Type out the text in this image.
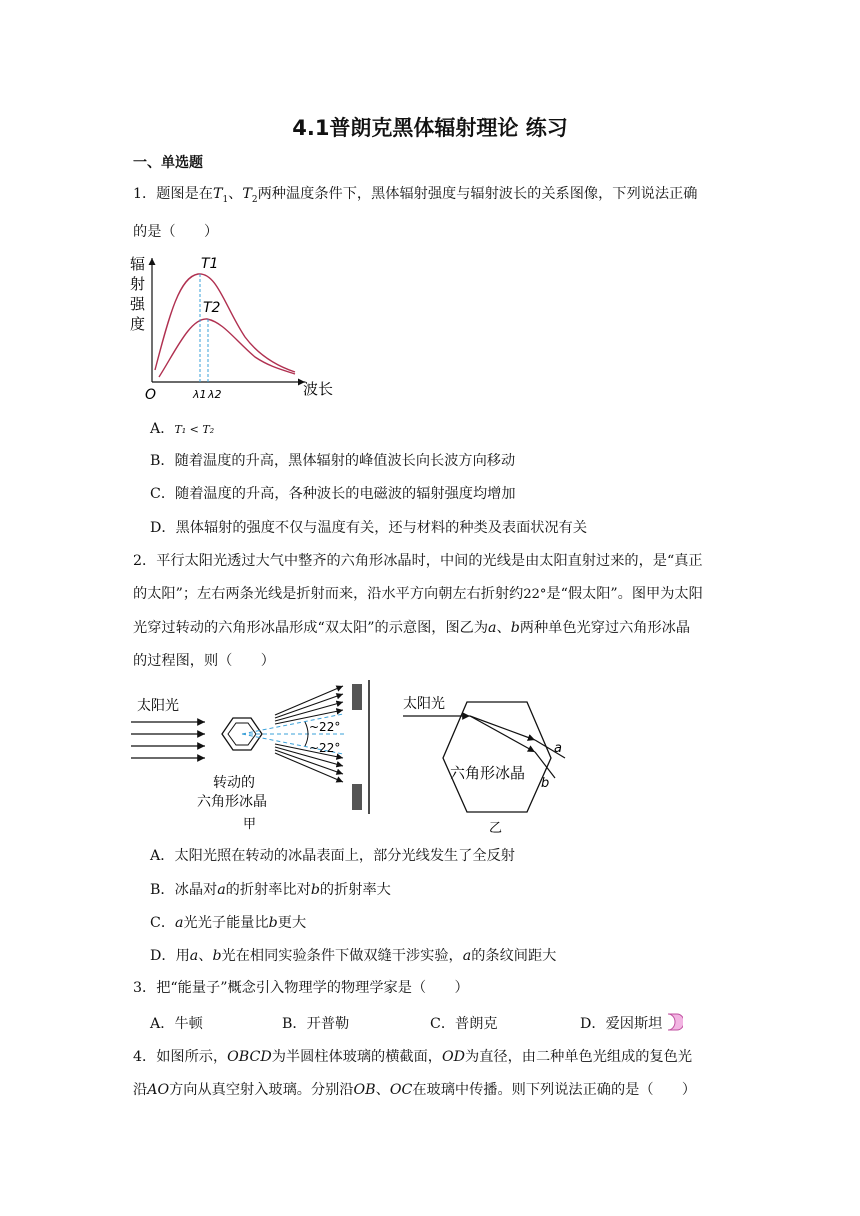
4.1普朗克黑体辐射理论 练习
一、单选题
1．题图是在$T_1$、$T_2$两种温度条件下，黑体辐射强度与辐射波长的关系图像，下列说法正确
的是（　　）
辐
射
强
度
波长
O
T1
T2
λ1 λ2
A．T₁ < T₂
B．随着温度的升高，黑体辐射的峰值波长向长波方向移动
C．随着温度的升高，各种波长的电磁波的辐射强度均增加
D．黑体辐射的强度不仅与温度有关，还与材料的种类及表面状况有关
2．平行太阳光透过大气中整齐的六角形冰晶时，中间的光线是由太阳直射过来的，是“真正
的太阳”；左右两条光线是折射而来，沿水平方向朝左右折射约22°是“假太阳”。图甲为太阳
光穿过转动的六角形冰晶形成“双太阳”的示意图，图乙为a、b两种单色光穿过六角形冰晶
的过程图，则（　　）
太阳光
~22°
~22°
转动的
六角形冰晶
甲
太阳光
a
b
六角形冰晶
乙
A．太阳光照在转动的冰晶表面上，部分光线发生了全反射
B．冰晶对a的折射率比对b的折射率大
C．a光光子能量比b更大
D．用a、b光在相同实验条件下做双缝干涉实验，a的条纹间距大
3．把“能量子”概念引入物理学的物理学家是（　　）
A．牛顿	B．开普勒	C．普朗克	D．爱因斯坦
4．如图所示，OBCD为半圆柱体玻璃的横截面，OD为直径，由二种单色光组成的复色光
沿AO方向从真空射入玻璃。分别沿OB、OC在玻璃中传播。则下列说法正确的是（　　）
